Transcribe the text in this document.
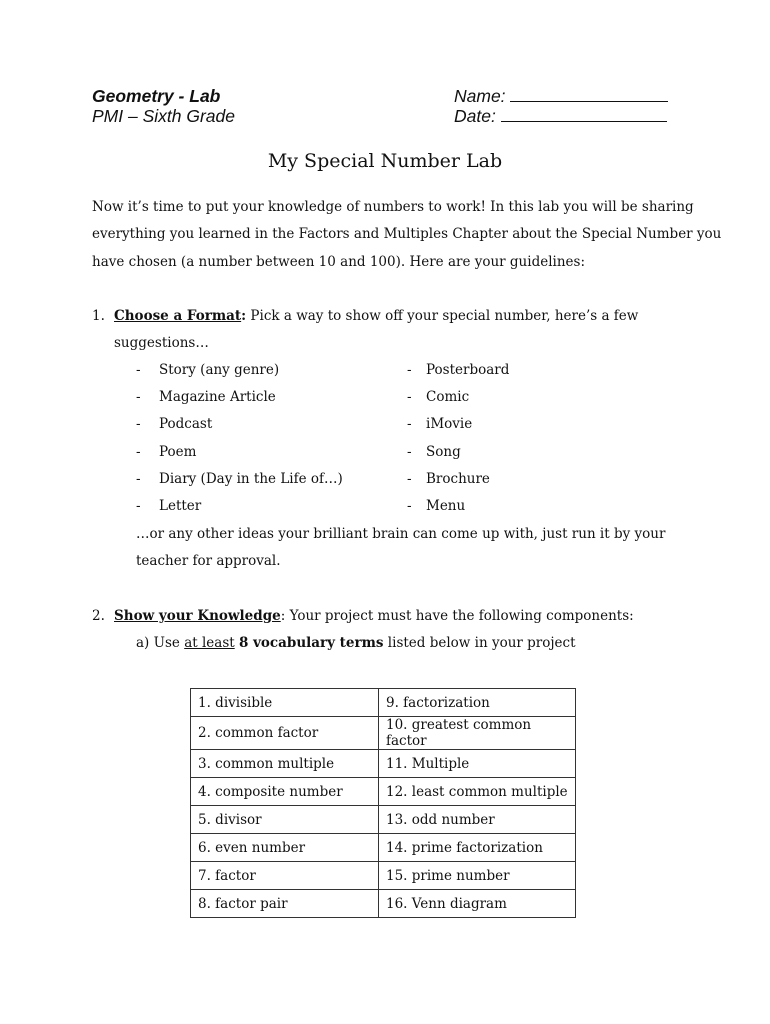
Geometry - Lab
PMI – Sixth Grade
Name:
Date:
My Special Number Lab
Now it’s time to put your knowledge of numbers to work! In this lab you will be sharing
everything you learned in the Factors and Multiples Chapter about the Special Number you
have chosen (a number between 10 and 100). Here are your guidelines:
1. Choose a Format: Pick a way to show off your special number, here’s a few
suggestions…
- Story (any genre)
- Magazine Article
- Podcast
- Poem
- Diary (Day in the Life of…)
- Letter
- Posterboard
- Comic
- iMovie
- Song
- Brochure
- Menu
…or any other ideas your brilliant brain can come up with, just run it by your
teacher for approval.
2. Show your Knowledge: Your project must have the following components:
a) Use at least 8 vocabulary terms listed below in your project
1. divisible	9. factorization
2. common factor	10. greatest common factor
3. common multiple	11. Multiple
4. composite number	12. least common multiple
5. divisor	13. odd number
6. even number	14. prime factorization
7. factor	15. prime number
8. factor pair	16. Venn diagram
